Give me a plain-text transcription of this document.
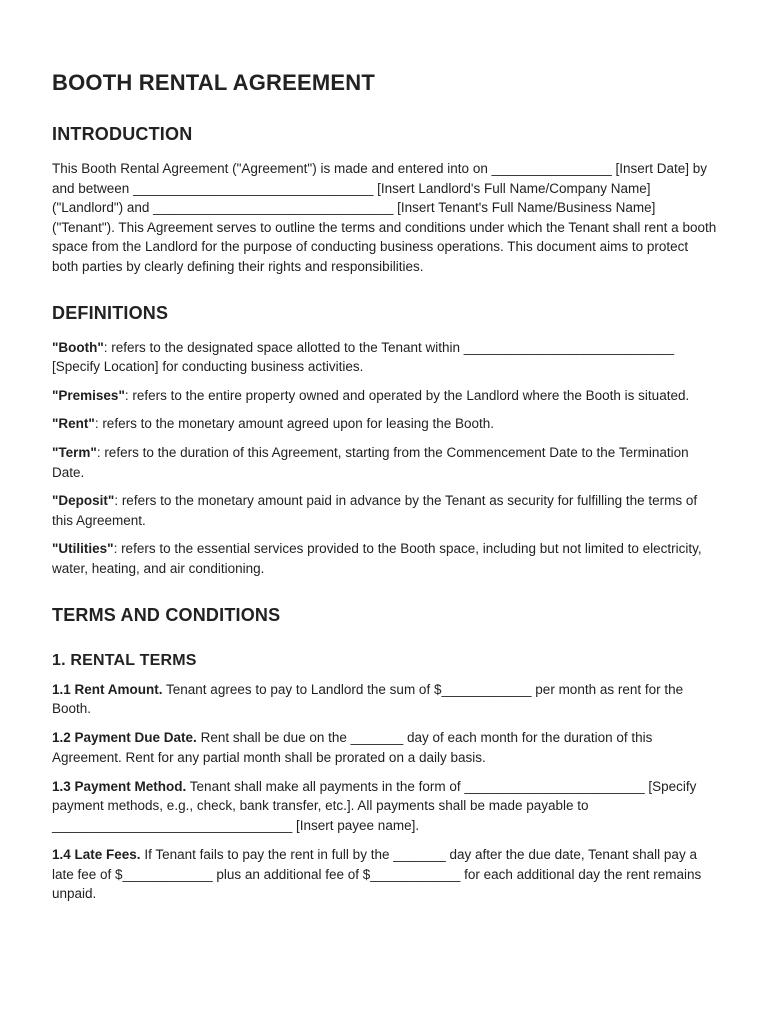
BOOTH RENTAL AGREEMENT
INTRODUCTION

This Booth Rental Agreement ("Agreement") is made and entered into on ________________ [Insert Date] by and between ________________________________ [Insert Landlord's Full Name/Company Name] ("Landlord") and ________________________________ [Insert Tenant's Full Name/Business Name] ("Tenant"). This Agreement serves to outline the terms and conditions under which the Tenant shall rent a booth space from the Landlord for the purpose of conducting business operations. This document aims to protect both parties by clearly defining their rights and responsibilities.

DEFINITIONS

"Booth": refers to the designated space allotted to the Tenant within ____________________________ [Specify Location] for conducting business activities.

"Premises": refers to the entire property owned and operated by the Landlord where the Booth is situated.

"Rent": refers to the monetary amount agreed upon for leasing the Booth.

"Term": refers to the duration of this Agreement, starting from the Commencement Date to the Termination Date.

"Deposit": refers to the monetary amount paid in advance by the Tenant as security for fulfilling the terms of this Agreement.

"Utilities": refers to the essential services provided to the Booth space, including but not limited to electricity, water, heating, and air conditioning.

TERMS AND CONDITIONS
1. RENTAL TERMS

1.1 Rent Amount. Tenant agrees to pay to Landlord the sum of $____________ per month as rent for the Booth.

1.2 Payment Due Date. Rent shall be due on the _______ day of each month for the duration of this Agreement. Rent for any partial month shall be prorated on a daily basis.

1.3 Payment Method. Tenant shall make all payments in the form of ________________________ [Specify payment methods, e.g., check, bank transfer, etc.]. All payments shall be made payable to ________________________________ [Insert payee name].

1.4 Late Fees. If Tenant fails to pay the rent in full by the _______ day after the due date, Tenant shall pay a late fee of $____________ plus an additional fee of $____________ for each additional day the rent remains unpaid.
